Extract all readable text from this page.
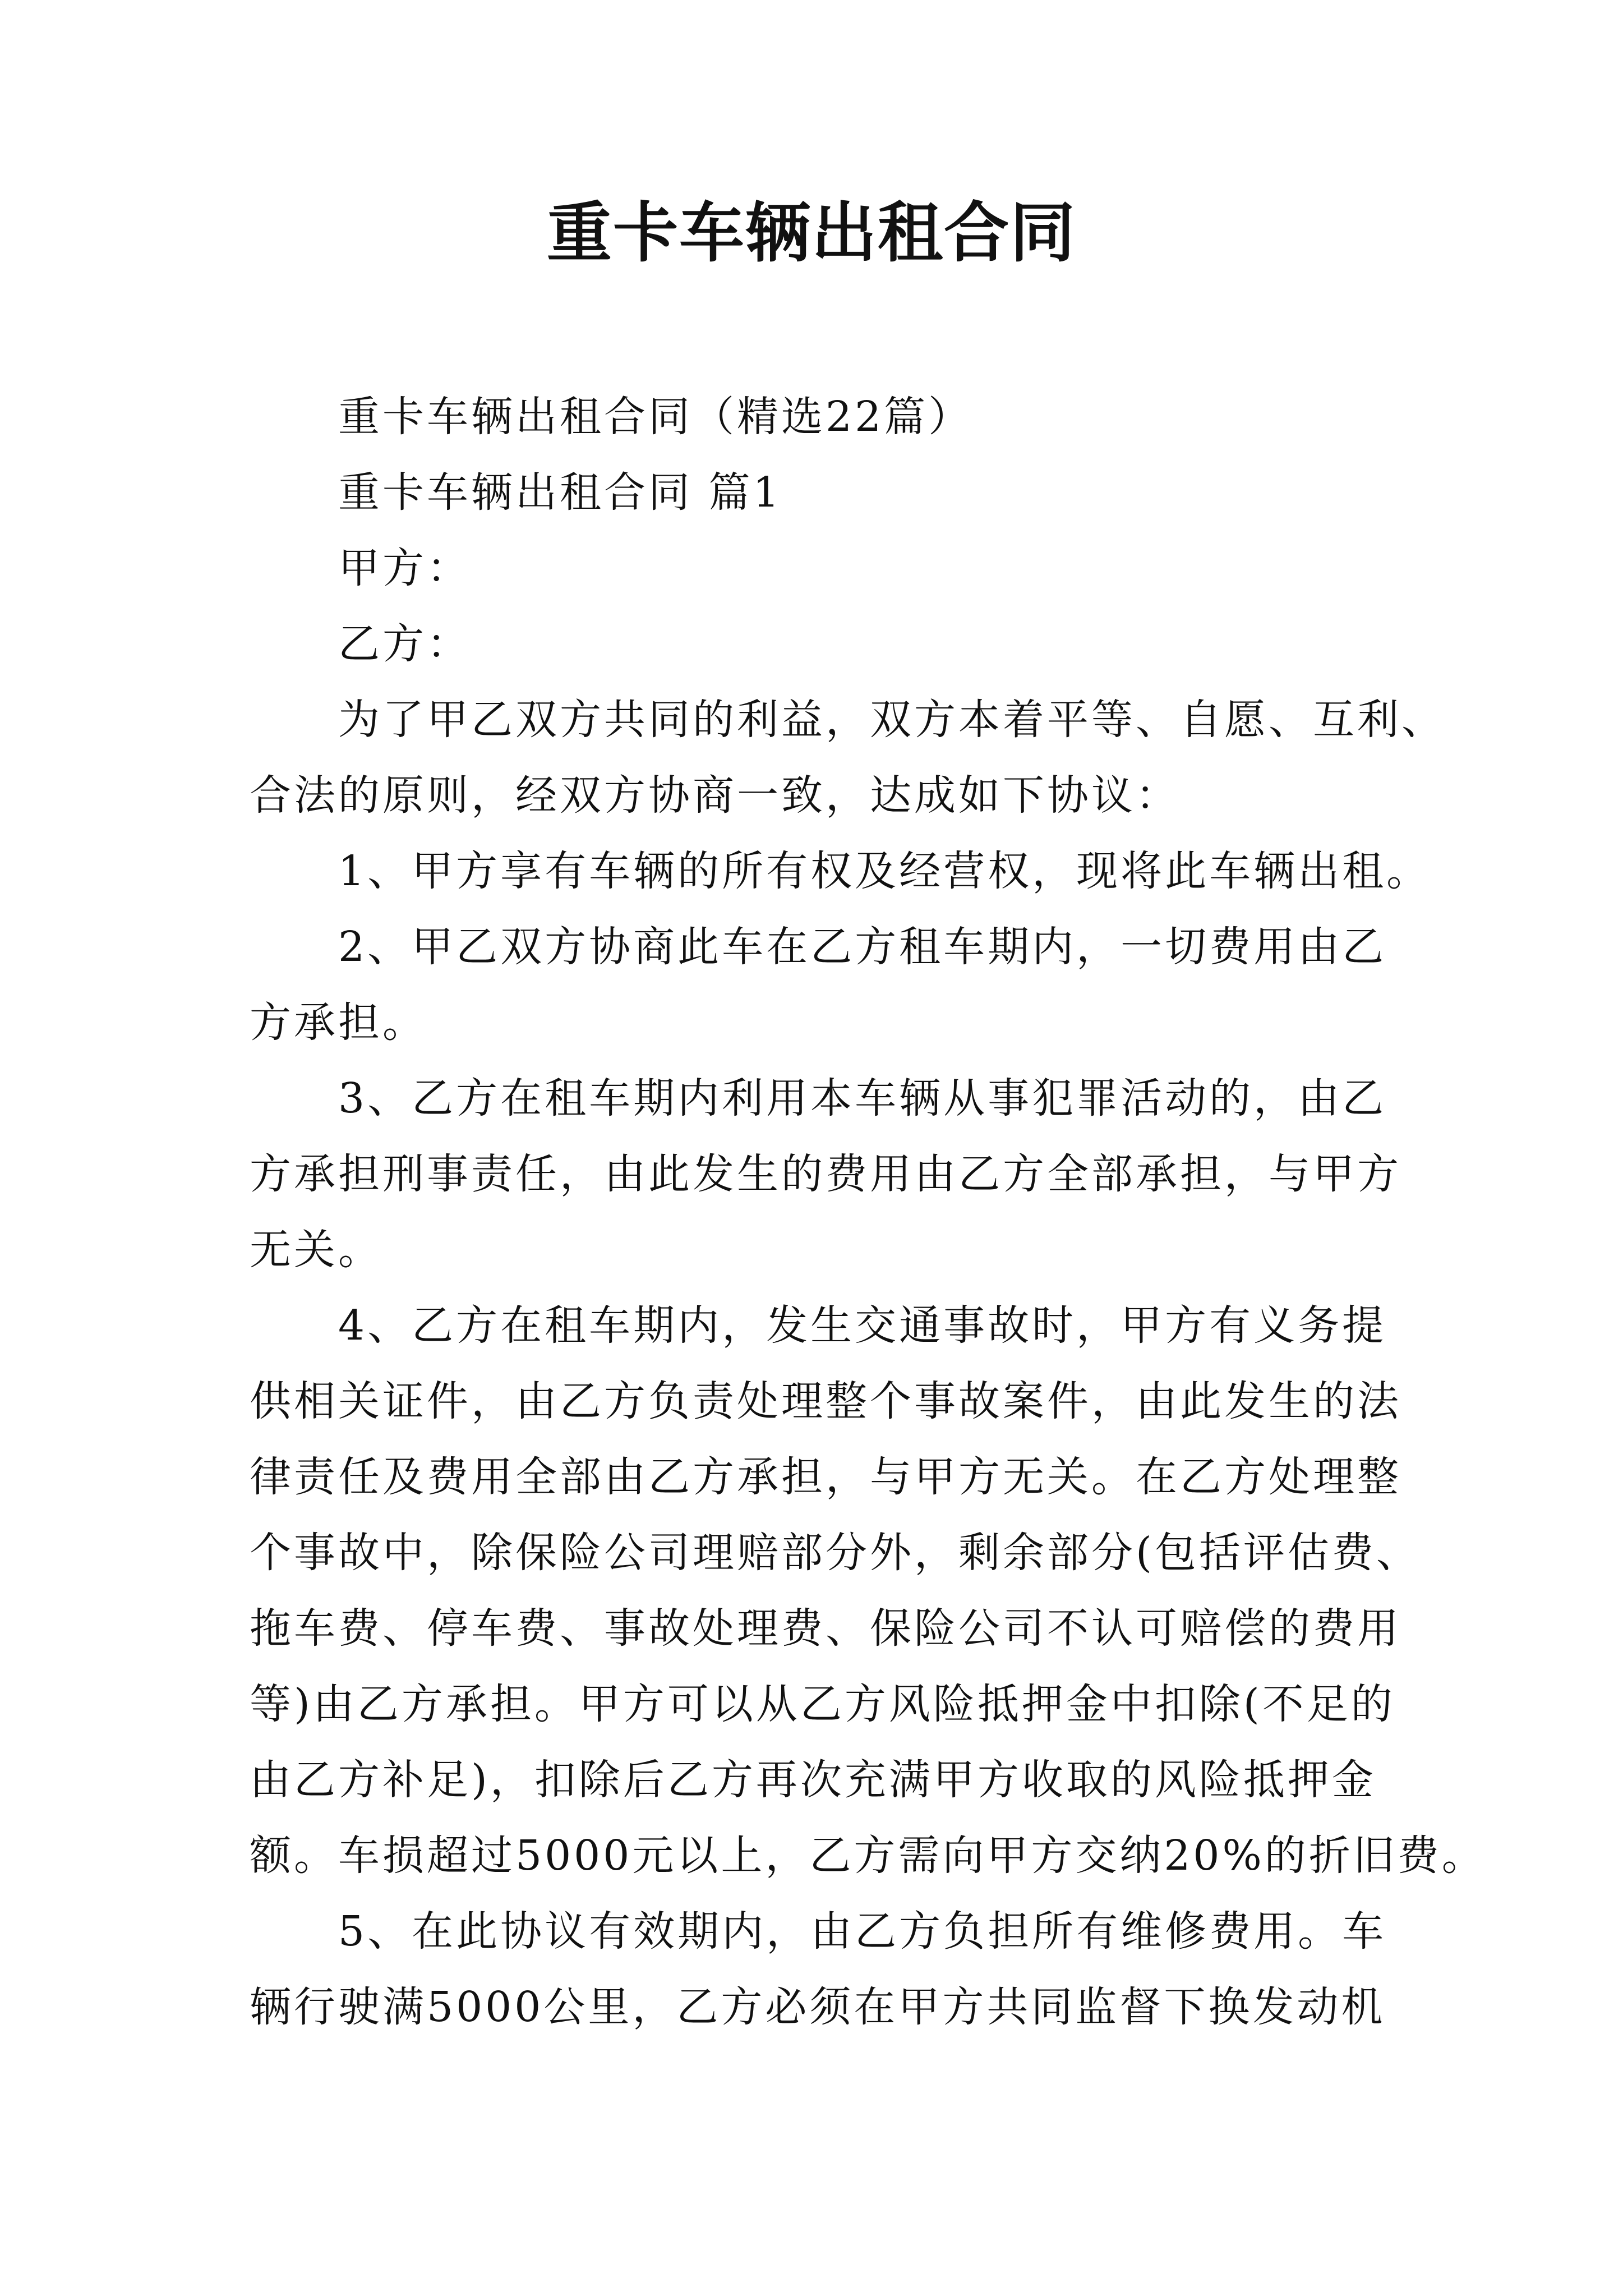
重卡车辆出租合同

重卡车辆出租合同（精选22篇）

重卡车辆出租合同 篇1

甲方：

乙方：

为了甲乙双方共同的利益，双方本着平等、自愿、互利、

合法的原则，经双方协商一致，达成如下协议：

1、甲方享有车辆的所有权及经营权，现将此车辆出租。

2、甲乙双方协商此车在乙方租车期内，一切费用由乙

方承担。

3、乙方在租车期内利用本车辆从事犯罪活动的，由乙

方承担刑事责任，由此发生的费用由乙方全部承担，与甲方

无关。

4、乙方在租车期内，发生交通事故时，甲方有义务提

供相关证件，由乙方负责处理整个事故案件，由此发生的法

律责任及费用全部由乙方承担，与甲方无关。在乙方处理整

个事故中，除保险公司理赔部分外，剩余部分(包括评估费、

拖车费、停车费、事故处理费、保险公司不认可赔偿的费用

等)由乙方承担。甲方可以从乙方风险抵押金中扣除(不足的

由乙方补足)，扣除后乙方再次充满甲方收取的风险抵押金

额。车损超过5000元以上，乙方需向甲方交纳20%的折旧费。

5、在此协议有效期内，由乙方负担所有维修费用。车

辆行驶满5000公里，乙方必须在甲方共同监督下换发动机
